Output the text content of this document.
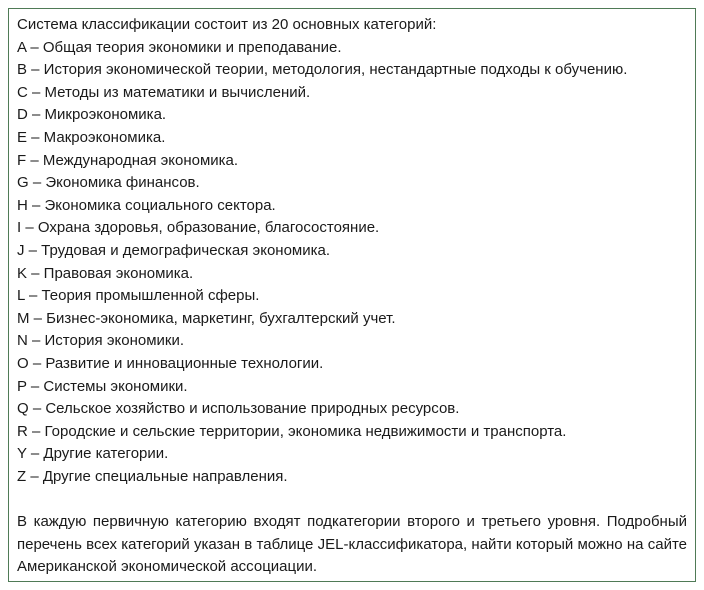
Система классификации состоит из 20 основных категорий:
A – Общая теория экономики и преподавание.
B – История экономической теории, методология, нестандартные подходы к обучению.
C – Методы из математики и вычислений.
D – Микроэкономика.
E – Макроэкономика.
F – Международная экономика.
G – Экономика финансов.
H – Экономика социального сектора.
I – Охрана здоровья, образование, благосостояние.
J – Трудовая и демографическая экономика.
K – Правовая экономика.
L – Теория промышленной сферы.
M – Бизнес-экономика, маркетинг, бухгалтерский учет.
N – История экономики.
O – Развитие и инновационные технологии.
P – Системы экономики.
Q – Сельское хозяйство и использование природных ресурсов.
R – Городские и сельские территории, экономика недвижимости и транспорта.
Y – Другие категории.
Z – Другие специальные направления.
В каждую первичную категорию входят подкатегории второго и третьего уровня. Подробный перечень всех категорий указан в таблице JEL-классификатора, найти который можно на сайте Американской экономической ассоциации.
